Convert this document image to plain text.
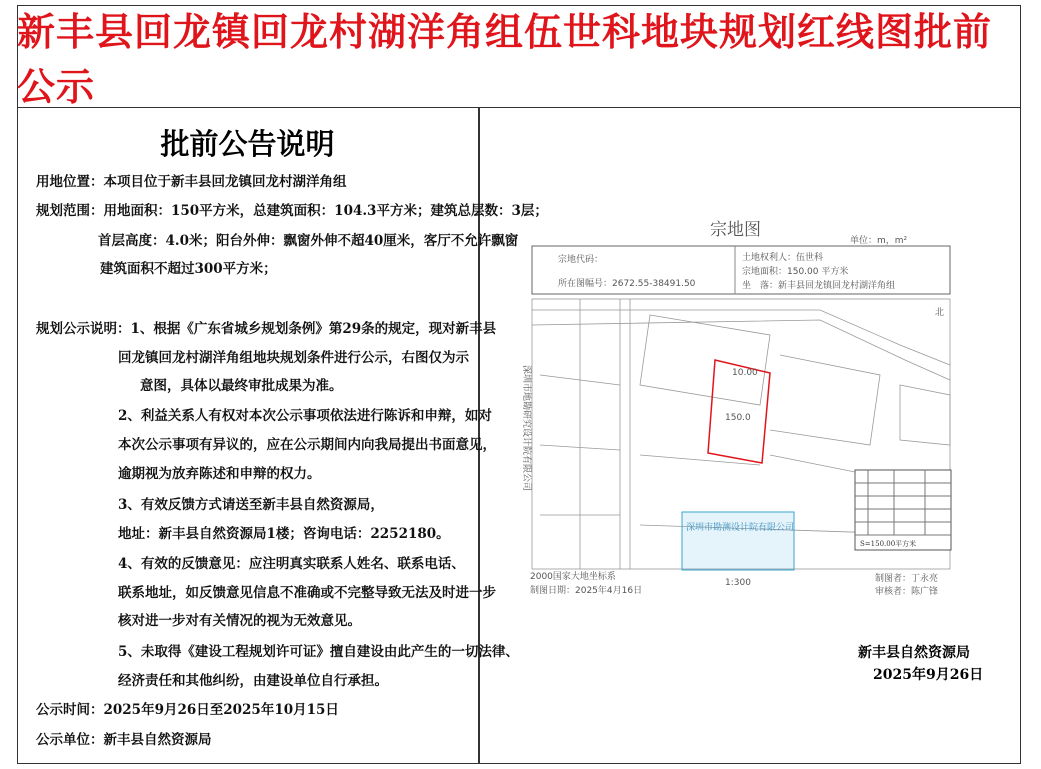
新丰县回龙镇回龙村湖洋角组伍世科地块规划红线图批前公示
批前公告说明
用地位置：本项目位于新丰县回龙镇回龙村湖洋角组
规划范围：用地面积：150平方米，总建筑面积：104.3平方米；建筑总层数：3层；
首层高度：4.0米；阳台外伸：飘窗外伸不超40厘米，客厅不允许飘窗
建筑面积不超过300平方米；
规划公示说明：1、根据《广东省城乡规划条例》第29条的规定，现对新丰县
回龙镇回龙村湖洋角组地块规划条件进行公示，右图仅为示
意图，具体以最终审批成果为准。
2、利益关系人有权对本次公示事项依法进行陈诉和申辩，如对
本次公示事项有异议的，应在公示期间内向我局提出书面意见，
逾期视为放弃陈述和申辩的权力。
3、有效反馈方式请送至新丰县自然资源局，
地址：新丰县自然资源局1楼；咨询电话：2252180。
4、有效的反馈意见：应注明真实联系人姓名、联系电话、
联系地址，如反馈意见信息不准确或不完整导致无法及时进一步
核对进一步对有关情况的视为无效意见。
5、未取得《建设工程规划许可证》擅自建设由此产生的一切法律、
经济责任和其他纠纷，由建设单位自行承担。
公示时间：2025年9月26日至2025年10月15日
公示单位：新丰县自然资源局
宗地图
单位：m，m²
宗地代码：
所在图幅号：2672.55-38491.50
土地权利人：伍世科
宗地面积：150.00 平方米
坐　落：新丰县回龙镇回龙村湖洋角组
150.0
10.00
北
深圳市地勘研究设计院有限公司
深圳市勘测设计院有限公司
1:300
S=150.00平方米
2000国家大地坐标系
制图日期：2025年4月16日
制图者：丁永亮
审核者：陈广锋
新丰县自然资源局
2025年9月26日
